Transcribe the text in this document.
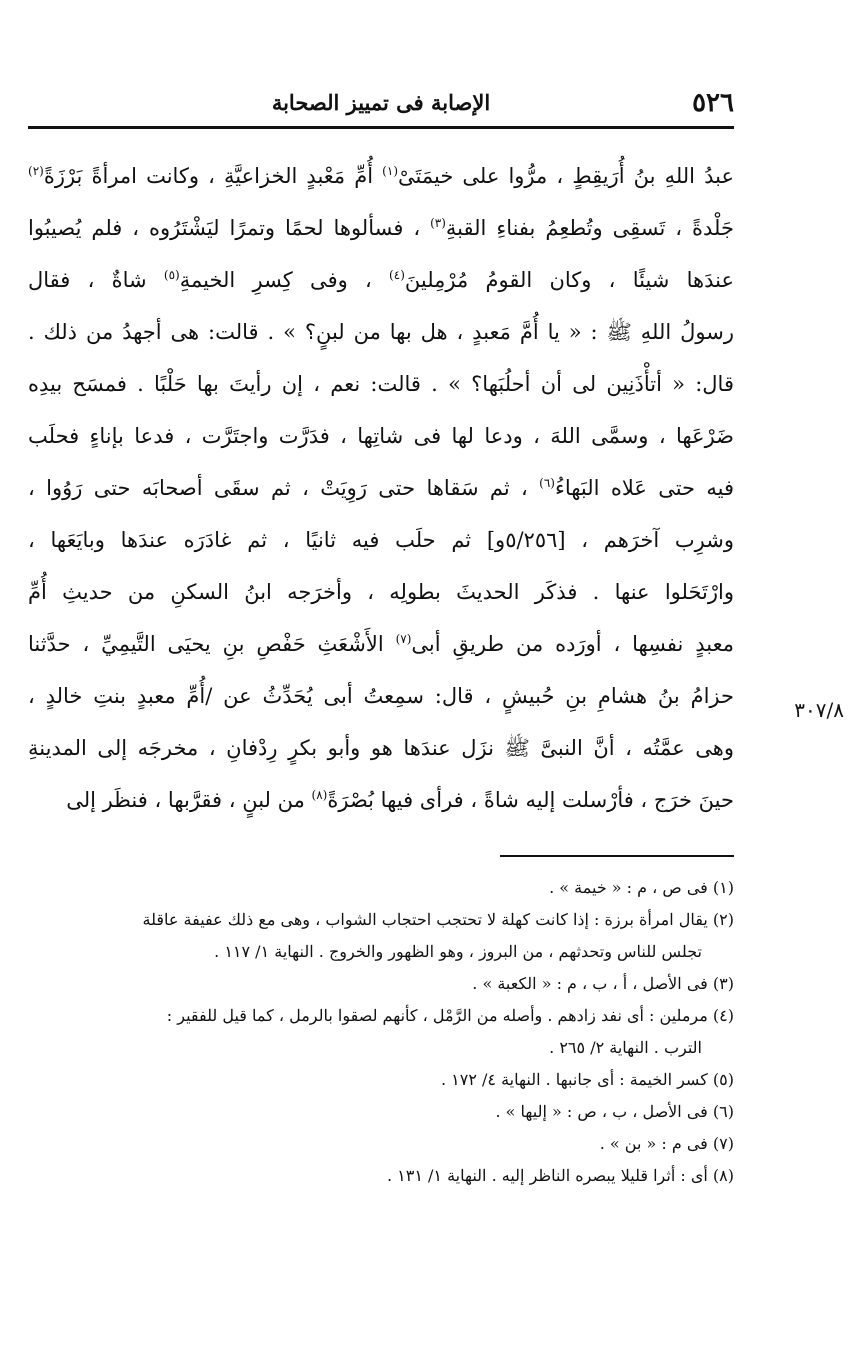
٥٢٦
الإصابة فى تمييز الصحابة
عبدُ اللهِ بنُ أُرَيقِطٍ ، مرُّوا على خيمَتَىْ$^{(١)}$ أُمِّ مَعْبدٍ الخزاعيَّةِ ، وكانت امرأةً بَرْزَةً$^{(٢)}$
جَلْدةً ، تَسقِى وتُطعِمُ بفناءِ القبةِ$^{(٣)}$ ، فسألوها لحمًا وتمرًا ليَشْتَرُوه ، فلم يُصيبُوا
عندَها شيئًا ، وكان القومُ مُرْمِلينَ$^{(٤)}$ ، وفى كِسرِ الخيمةِ$^{(٥)}$ شاةٌ ، فقال
رسولُ اللهِ ﷺ : « يا أُمَّ مَعبدٍ ، هل بها من لبنٍ؟ » . قالت: هى أجهدُ من ذلك .
قال: « أتأْذَنِين لى أن أحلُبَها؟ » . قالت: نعم ، إن رأيتَ بها حَلْبًا . فمسَح بيدِه
ضَرْعَها ، وسمَّى اللهَ ، ودعا لها فى شاتِها ، فدَرَّت واجتَرَّت ، فدعا بإناءٍ فحلَب
فيه حتى عَلاه البَهاءُ$^{(٦)}$ ، ثم سَقاها حتى رَوِيَتْ ، ثم سقَى أصحابَه حتى رَوُوا ،
وشرِب آخرَهم ، [٥/٢٥٦و] ثم حلَب فيه ثانيًا ، ثم غادَرَه عندَها وبايَعَها ،
وارْتَحَلوا عنها . فذكَر الحديثَ بطولِه ، وأخرَجه ابنُ السكنِ من حديثِ أُمِّ
معبدٍ نفسِها ، أورَده من طريقِ أبى$^{(٧)}$ الأَشْعَثِ حَفْصِ بنِ يحيَى التَّيمِيِّ ، حدَّثنا
حزامُ بنُ هشامِ بنِ حُبيشٍ ، قال: سمِعتُ أبى يُحَدِّثُ عن /أُمِّ معبدٍ بنتِ خالدٍ ،
وهى عمَّتُه ، أنَّ النبىَّ ﷺ نزَل عندَها هو وأبو بكرٍ رِدْفانِ ، مخرجَه إلى المدينةِ
حينَ خرَج ، فأرْسلت إليه شاةً ، فرأى فيها بُصْرَةً$^{(٨)}$ من لبنٍ ، فقرَّبها ، فنظَر إلى
٣٠٧/٨
(١) فى ص ، م : « خيمة » .
(٢) يقال امرأة برزة : إذا كانت كهلة لا تحتجب احتجاب الشواب ، وهى مع ذلك عفيفة عاقلة
تجلس للناس وتحدثهم ، من البروز ، وهو الظهور والخروج . النهاية ١/ ١١٧ .
(٣) فى الأصل ، أ ، ب ، م : « الكعبة » .
(٤) مرملين : أى نفد زادهم . وأصله من الرَّمْل ، كأنهم لصقوا بالرمل ، كما قيل للفقير :
الترب . النهاية ٢/ ٢٦٥ .
(٥) كسر الخيمة : أى جانبها . النهاية ٤/ ١٧٢ .
(٦) فى الأصل ، ب ، ص : « إليها » .
(٧) فى م : « بن » .
(٨) أى : أثرا قليلا يبصره الناظر إليه . النهاية ١/ ١٣١ .
